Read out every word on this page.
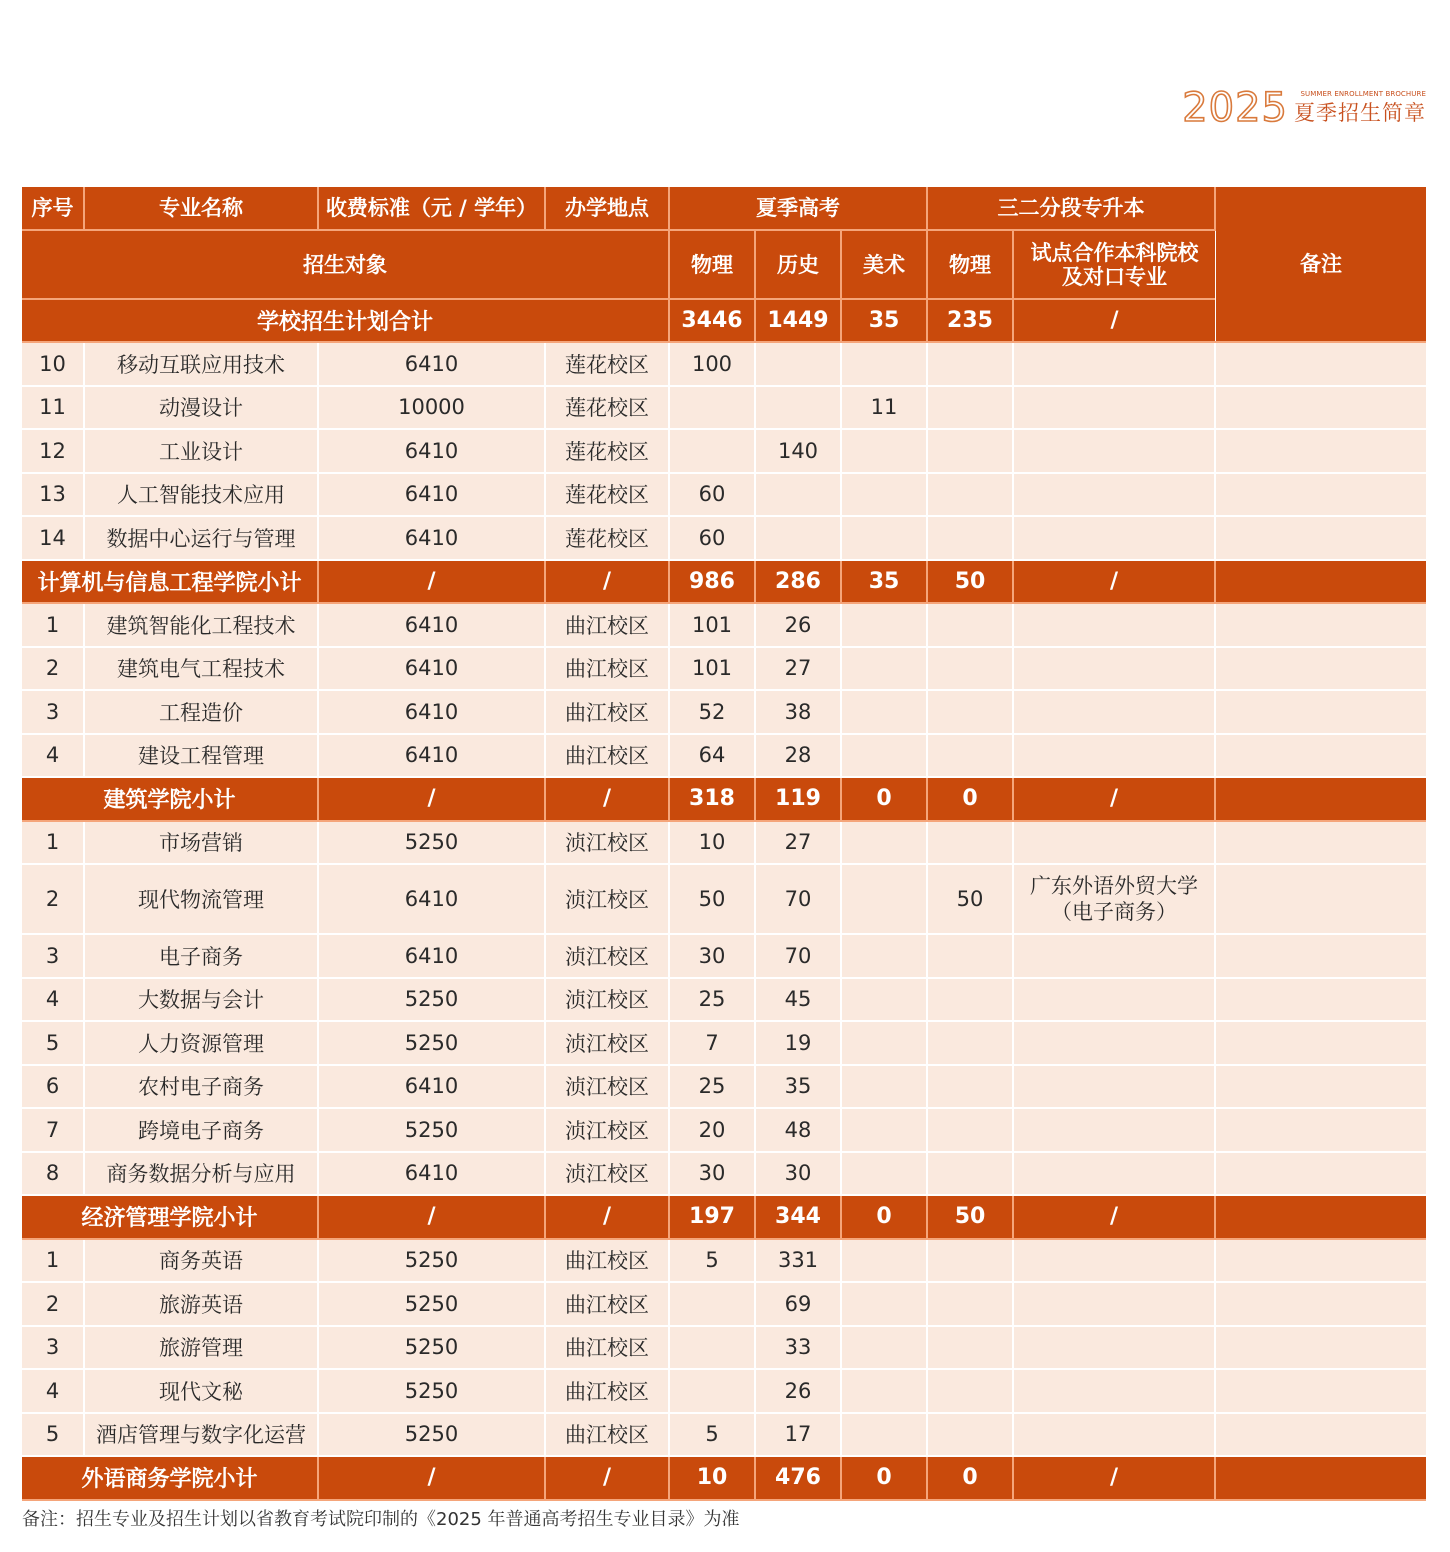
2025 SUMMER ENROLLMENT BROCHURE
夏季招生简章
序号	专业名称	收费标准（元 / 学年）	办学地点	夏季高考			三二分段专升本		备注
招生对象				物理	历史	美术	物理	试点合作本科院校
及对口专业	

学校招生计划合计				3446	1449	35	235	/	
10	移动互联应用技术	6410	莲花校区	100					
11	动漫设计	10000	莲花校区			11			
12	工业设计	6410	莲花校区		140				
13	人工智能技术应用	6410	莲花校区	60					
14	数据中心运行与管理	6410	莲花校区	60					
计算机与信息工程学院小计		/	/	986	286	35	50	/	
1	建筑智能化工程技术	6410	曲江校区	101	26				
2	建筑电气工程技术	6410	曲江校区	101	27				
3	工程造价	6410	曲江校区	52	38				
4	建设工程管理	6410	曲江校区	64	28				
建筑学院小计		/	/	318	119	0	0	/	
1	市场营销	5250	浈江校区	10	27				
2	现代物流管理	6410	浈江校区	50	70		50	广东外语外贸大学
（电子商务）	

3	电子商务	6410	浈江校区	30	70				
4	大数据与会计	5250	浈江校区	25	45				
5	人力资源管理	5250	浈江校区	7	19				
6	农村电子商务	6410	浈江校区	25	35				
7	跨境电子商务	5250	浈江校区	20	48				
8	商务数据分析与应用	6410	浈江校区	30	30				
经济管理学院小计		/	/	197	344	0	50	/	
1	商务英语	5250	曲江校区	5	331				
2	旅游英语	5250	曲江校区		69				
3	旅游管理	5250	曲江校区		33				
4	现代文秘	5250	曲江校区		26				
5	酒店管理与数字化运营	5250	曲江校区	5	17				
外语商务学院小计		/	/	10	476	0	0	/	
备注：招生专业及招生计划以省教育考试院印制的《2025 年普通高考招生专业目录》为准
